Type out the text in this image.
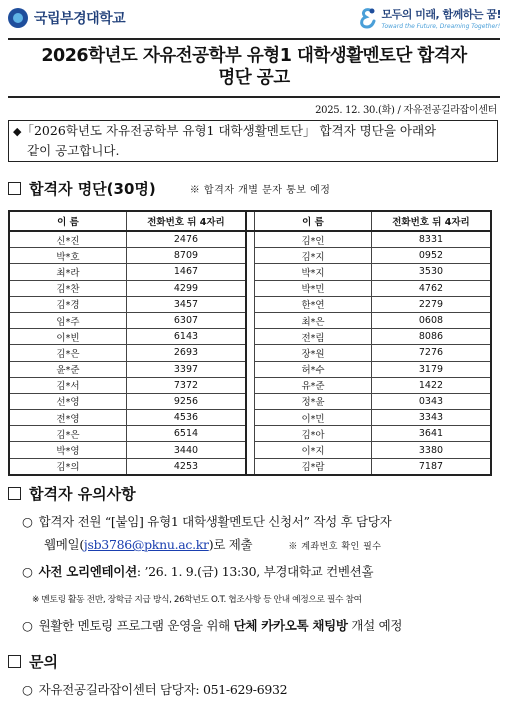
국립부경대학교	모두의 미래, 함께하는 꿈!
Toward the Future, Dreaming Together!
2026학년도 자유전공학부 유형1 대학생활멘토단 합격자
명단 공고
2025. 12. 30.(화) / 자유전공길라잡이센터
◆「2026학년도 자유전공학부 유형1 대학생활멘토단」 합격자 명단을 아래와
같이 공고합니다.
합격자 명단(30명)	※ 합격자 개별 문자 통보 예정
이 름	전화번호 뒤 4자리		이 름	전화번호 뒤 4자리
신*진	2476		김*인	8331
박*호	8709		김*지	0952
최*라	1467		박*지	3530
김*찬	4299		박*민	4762
김*경	3457		한*연	2279
임*주	6307		최*은	0608
이*빈	6143		전*림	8086
김*은	2693		장*원	7276
윤*준	3397		허*수	3179
김*서	7372		유*준	1422
선*영	9256		정*윤	0343
전*영	4536		이*민	3343
김*은	6514		김*아	3641
박*영	3440		이*지	3380
김*의	4253		김*람	7187
합격자 유의사항
○ 합격자 전원 “[붙임] 유형1 대학생활멘토단 신청서” 작성 후 담당자
웹메일(jsb3786@pknu.ac.kr)로 제출	※ 계좌번호 확인 필수
○ 사전 오리엔테이션: ’26. 1. 9.(금) 13:30, 부경대학교 컨벤션홀
※ 멘토링 활동 전반, 장학금 지급 방식, 26학년도 O.T. 협조사항 등 안내 예정으로 필수 참여
○ 원활한 멘토링 프로그램 운영을 위해 단체 카카오톡 채팅방 개설 예정
문의
○ 자유전공길라잡이센터 담당자: 051-629-6932
